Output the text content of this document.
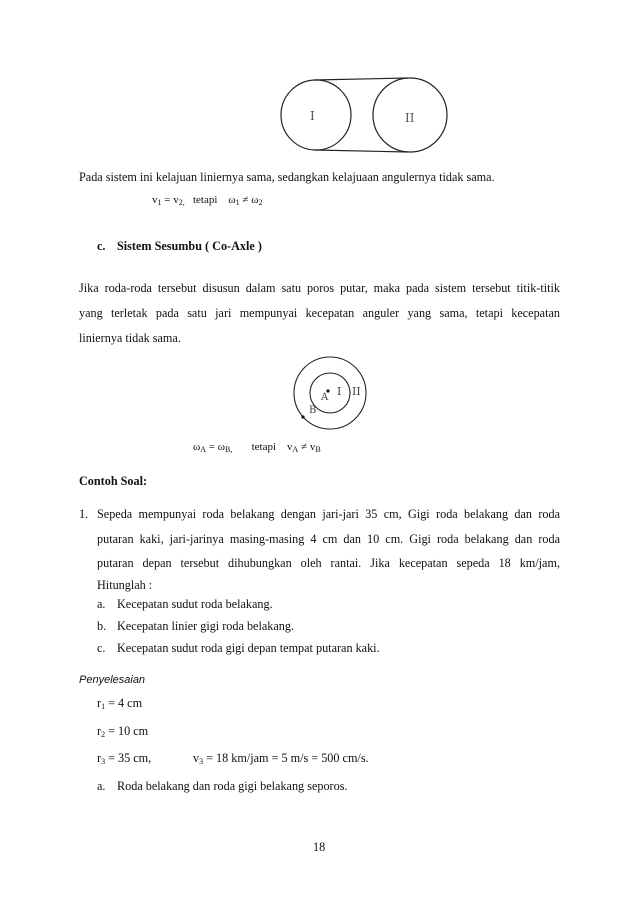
I	II
Pada sistem ini kelajuan liniernya sama, sedangkan kelajuaan angulernya tidak sama.
$v_1 = v_{2,}$ tetapi $\omega_1 \ne \omega_2$
c. Sistem Sesumbu ( Co-Axle )
Jika roda-roda tersebut disusun dalam satu poros putar, maka pada sistem tersebut titik-titik
yang terletak pada satu jari mempunyai kecepatan anguler yang sama, tetapi kecepatan
liniernya tidak sama.
A
B
I II
$\omega_A = \omega_{B,}$ tetapi $v_A \ne v_B$
Contoh Soal:
1. Sepeda mempunyai roda belakang dengan jari-jari 35 cm, Gigi roda belakang dan roda
putaran kaki, jari-jarinya masing-masing 4 cm dan 10 cm. Gigi roda belakang dan roda
putaran depan tersebut dihubungkan oleh rantai. Jika kecepatan sepeda 18 km/jam,
Hitunglah :
a. Kecepatan sudut roda belakang.
b. Kecepatan linier gigi roda belakang.
c. Kecepatan sudut roda gigi depan tempat putaran kaki.
Penyelesaian
$r_1 = 4$ cm
$r_2 = 10$ cm
$r_3 = 35$ cm,	$v_3 = 18$ km/jam = 5 m/s = 500 cm/s.
a. Roda belakang dan roda gigi belakang seporos.
18
